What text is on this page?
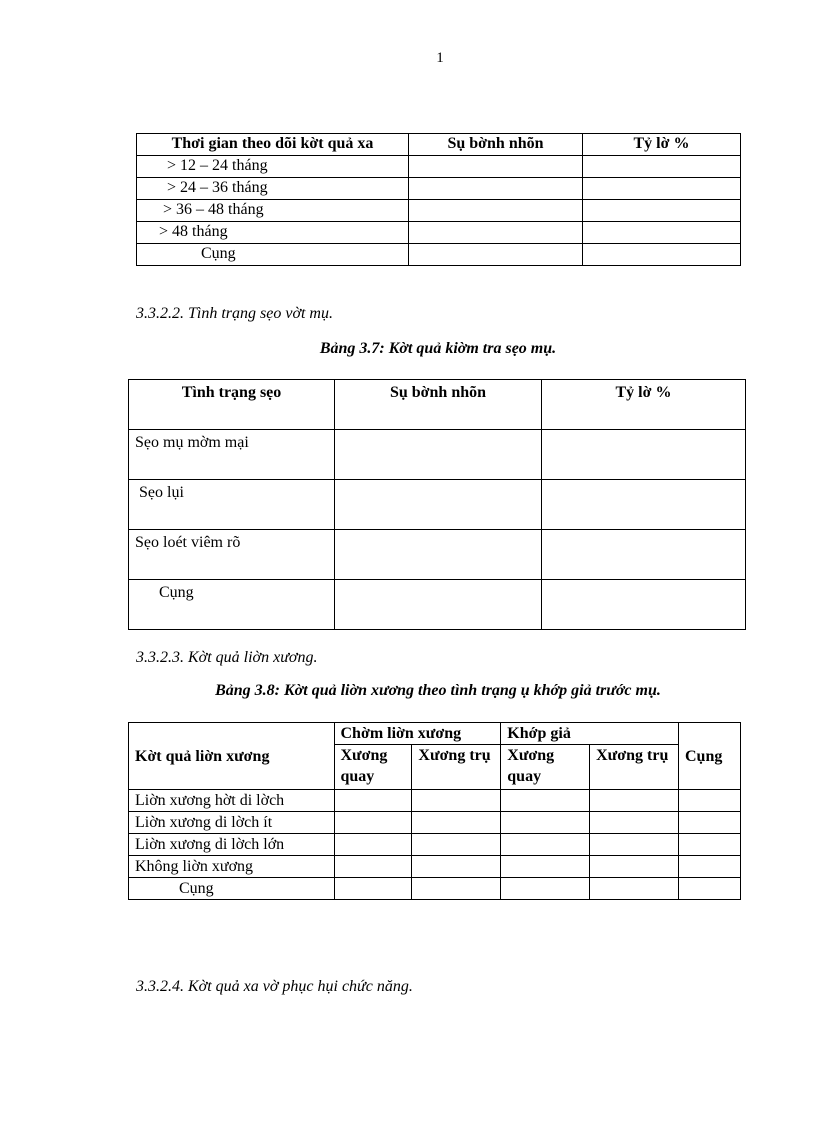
1
Thơi gian theo dõi kờt quả xa	Sụ bờnh nhõn	Tỷ lờ %
> 12 – 24 tháng		
> 24 – 36 tháng		
> 36 – 48 tháng		
> 48 tháng		
Cụng		
3.3.2.2. Tình trạng sẹo vờt mụ.
Bảng 3.7: Kờt quả kiờm tra sẹo mụ.
Tình trạng sẹo	Sụ bờnh nhõn	Tỷ lờ %
Sẹo mụ mờm mại		
Sẹo lụi		
Sẹo loét viêm rõ		
Cụng		
3.3.2.3. Kờt quả liờn xương.
Bảng 3.8: Kờt quả liờn xương theo tình trạng ụ khớp giả trước mụ.
Kờt quả liờn xương	Chờm liờn xương		Khớp giả		Cụng
	Xương quay	Xương trụ	Xương quay	Xương trụ	
Liờn xương hờt di lờch					
Liờn xương di lờch ít					
Liờn xương di lờch lớn					
Không liờn xương					
Cụng					
3.3.2.4. Kờt quả xa vờ phục hụi chức năng.
